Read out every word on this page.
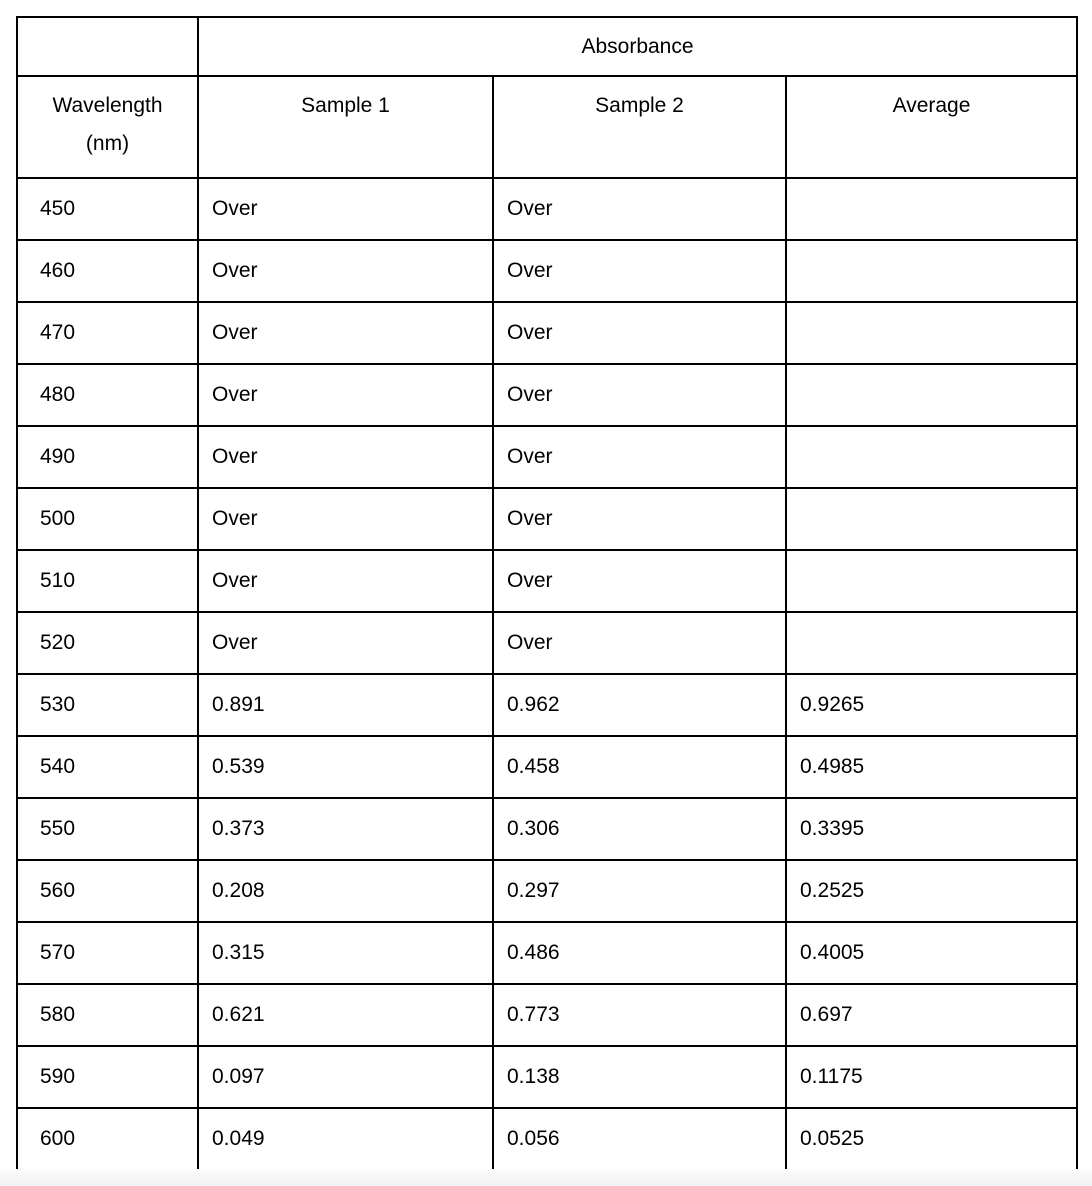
	Absorbance		
Wavelength
(nm)	Sample 1	Sample 2	Average
450	Over	Over	
460	Over	Over	
470	Over	Over	
480	Over	Over	
490	Over	Over	
500	Over	Over	
510	Over	Over	
520	Over	Over	
530	0.891	0.962	0.9265
540	0.539	0.458	0.4985
550	0.373	0.306	0.3395
560	0.208	0.297	0.2525
570	0.315	0.486	0.4005
580	0.621	0.773	0.697
590	0.097	0.138	0.1175
600	0.049	0.056	0.0525
